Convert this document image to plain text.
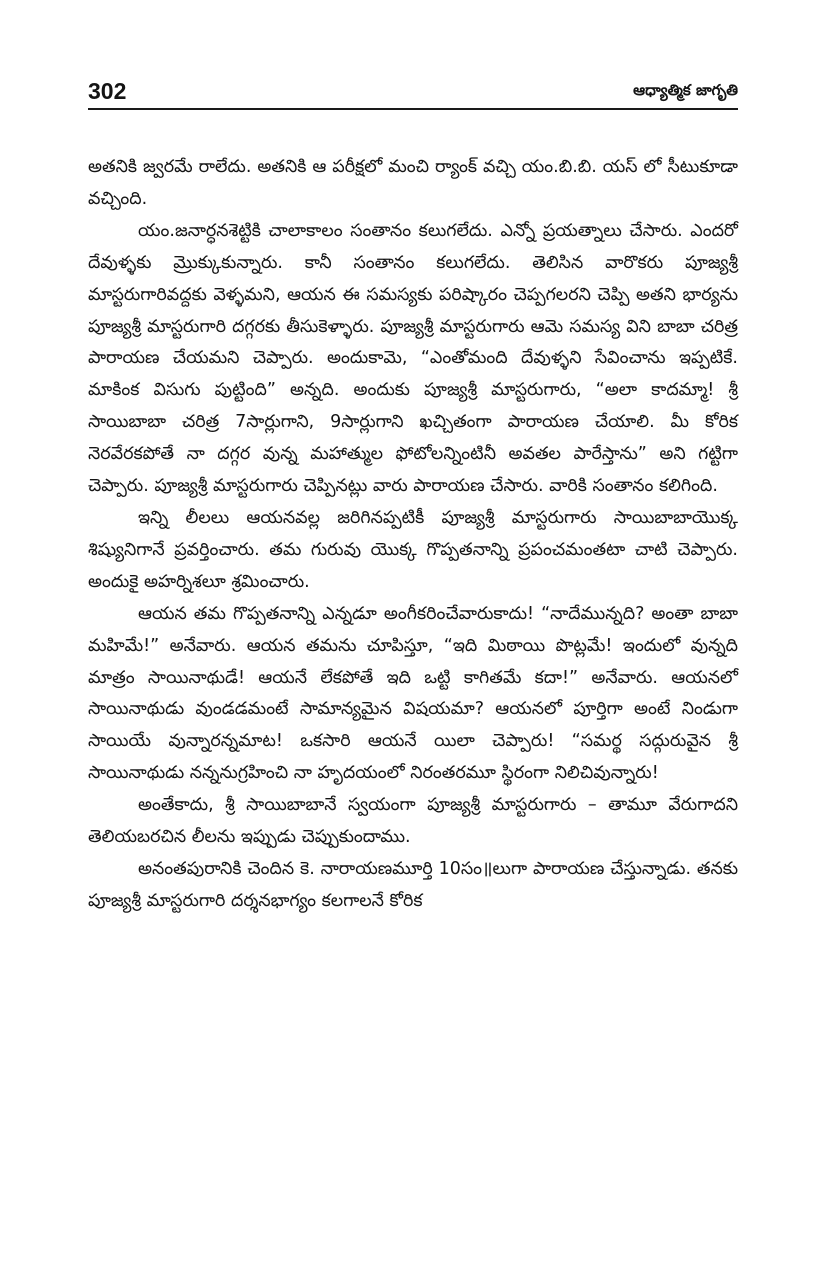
302	ఆధ్యాత్మిక జాగృతి

అతనికి జ్వరమే రాలేదు. అతనికి ఆ పరీక్షలో మంచి ర్యాంక్ వచ్చి యం.బి.బి. యస్ లో సీటుకూడా వచ్చింది.

యం.జనార్ధనశెట్టికి చాలాకాలం సంతానం కలుగలేదు. ఎన్నో ప్రయత్నాలు చేసారు. ఎందరో దేవుళ్ళకు మ్రొక్కుకున్నారు. కానీ సంతానం కలుగలేదు. తెలిసిన వారొకరు పూజ్యశ్రీ మాస్టరుగారివద్దకు వెళ్ళమని, ఆయన ఈ సమస్యకు పరిష్కారం చెప్పగలరని చెప్పి అతని భార్యను పూజ్యశ్రీ మాస్టరుగారి దగ్గరకు తీసుకెళ్ళారు. పూజ్యశ్రీ మాస్టరుగారు ఆమె సమస్య విని బాబా చరిత్ర పారాయణ చేయమని చెప్పారు. అందుకామె, “ఎంతోమంది దేవుళ్ళని సేవించాను ఇప్పటికే. మాకింక విసుగు పుట్టింది” అన్నది. అందుకు పూజ్యశ్రీ మాస్టరుగారు, “అలా కాదమ్మా! శ్రీ సాయిబాబా చరిత్ర 7సార్లుగాని, 9సార్లుగాని ఖచ్చితంగా పారాయణ చేయాలి. మీ కోరిక నెరవేరకపోతే నా దగ్గర వున్న మహాత్ముల ఫోటోలన్నింటినీ అవతల పారేస్తాను” అని గట్టిగా చెప్పారు. పూజ్యశ్రీ మాస్టరుగారు చెప్పినట్లు వారు పారాయణ చేసారు. వారికి సంతానం కలిగింది.

ఇన్ని లీలలు ఆయనవల్ల జరిగినప్పటికీ పూజ్యశ్రీ మాస్టరుగారు సాయిబాబాయొక్క శిష్యునిగానే ప్రవర్తించారు. తమ గురువు యొక్క గొప్పతనాన్ని ప్రపంచమంతటా చాటి చెప్పారు. అందుకై అహర్నిశలూ శ్రమించారు.

ఆయన తమ గొప్పతనాన్ని ఎన్నడూ అంగీకరించేవారుకాదు! “నాదేమున్నది? అంతా బాబా మహిమే!” అనేవారు. ఆయన తమను చూపిస్తూ, “ఇది మిఠాయి పొట్లమే! ఇందులో వున్నది మాత్రం సాయినాథుడే! ఆయనే లేకపోతే ఇది ఒట్టి కాగితమే కదా!” అనేవారు. ఆయనలో సాయినాథుడు వుండడమంటే సామాన్యమైన విషయమా? ఆయనలో పూర్తిగా అంటే నిండుగా సాయియే వున్నారన్నమాట! ఒకసారి ఆయనే యిలా చెప్పారు! “సమర్థ సద్గురువైన శ్రీ సాయినాథుడు నన్ననుగ్రహించి నా హృదయంలో నిరంతరమూ స్థిరంగా నిలిచివున్నారు!

అంతేకాదు, శ్రీ సాయిబాబానే స్వయంగా పూజ్యశ్రీ మాస్టరుగారు – తామూ వేరుగాదని తెలియబరచిన లీలను ఇప్పుడు చెప్పుకుందాము.

అనంతపురానికి చెందిన కె. నారాయణమూర్తి 10సం॥లుగా పారాయణ చేస్తున్నాడు. తనకు పూజ్యశ్రీ మాస్టరుగారి దర్శనభాగ్యం కలగాలనే కోరిక
